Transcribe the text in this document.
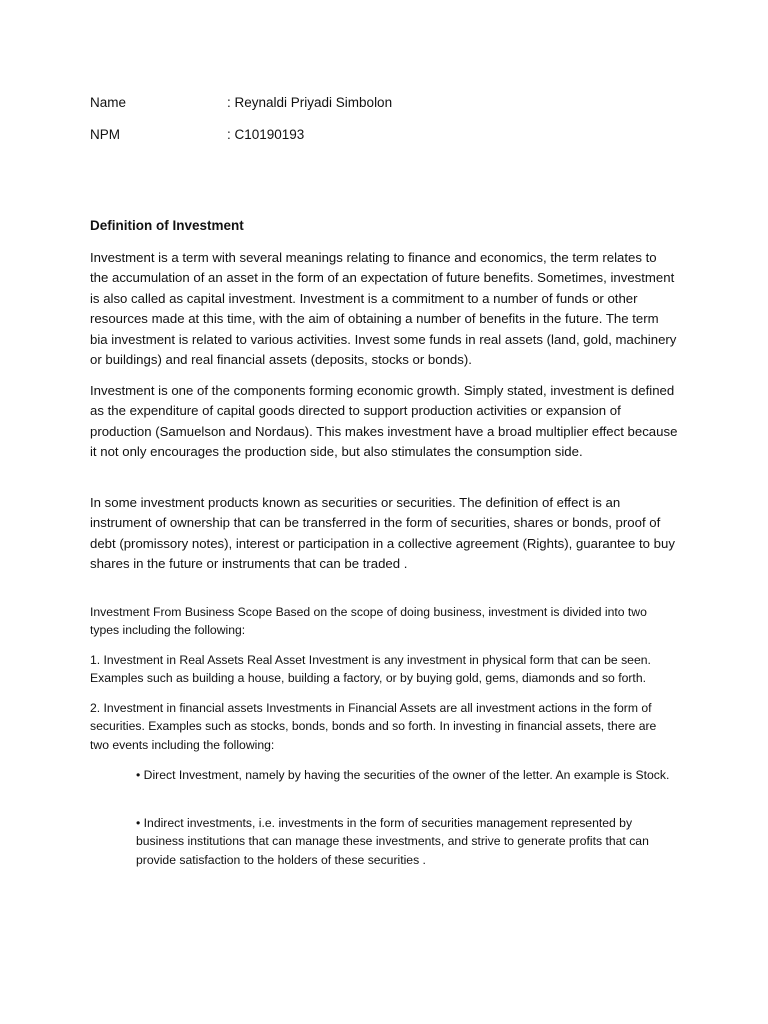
Name	: Reynaldi Priyadi Simbolon
NPM	: C10190193
Definition of Investment

Investment is a term with several meanings relating to finance and economics, the term relates to the accumulation of an asset in the form of an expectation of future benefits. Sometimes, investment is also called as capital investment. Investment is a commitment to a number of funds or other resources made at this time, with the aim of obtaining a number of benefits in the future. The term bia investment is related to various activities. Invest some funds in real assets (land, gold, machinery or buildings) and real financial assets (deposits, stocks or bonds).

Investment is one of the components forming economic growth. Simply stated, investment is defined as the expenditure of capital goods directed to support production activities or expansion of production (Samuelson and Nordaus). This makes investment have a broad multiplier effect because it not only encourages the production side, but also stimulates the consumption side.

In some investment products known as securities or securities. The definition of effect is an instrument of ownership that can be transferred in the form of securities, shares or bonds, proof of debt (promissory notes), interest or participation in a collective agreement (Rights), guarantee to buy shares in the future or instruments that can be traded .

Investment From Business Scope Based on the scope of doing business, investment is divided into two types including the following:

1. Investment in Real Assets Real Asset Investment is any investment in physical form that can be seen. Examples such as building a house, building a factory, or by buying gold, gems, diamonds and so forth.

2. Investment in financial assets Investments in Financial Assets are all investment actions in the form of securities. Examples such as stocks, bonds, bonds and so forth. In investing in financial assets, there are two events including the following:

• Direct Investment, namely by having the securities of the owner of the letter. An example is Stock.

• Indirect investments, i.e. investments in the form of securities management represented by business institutions that can manage these investments, and strive to generate profits that can provide satisfaction to the holders of these securities .
